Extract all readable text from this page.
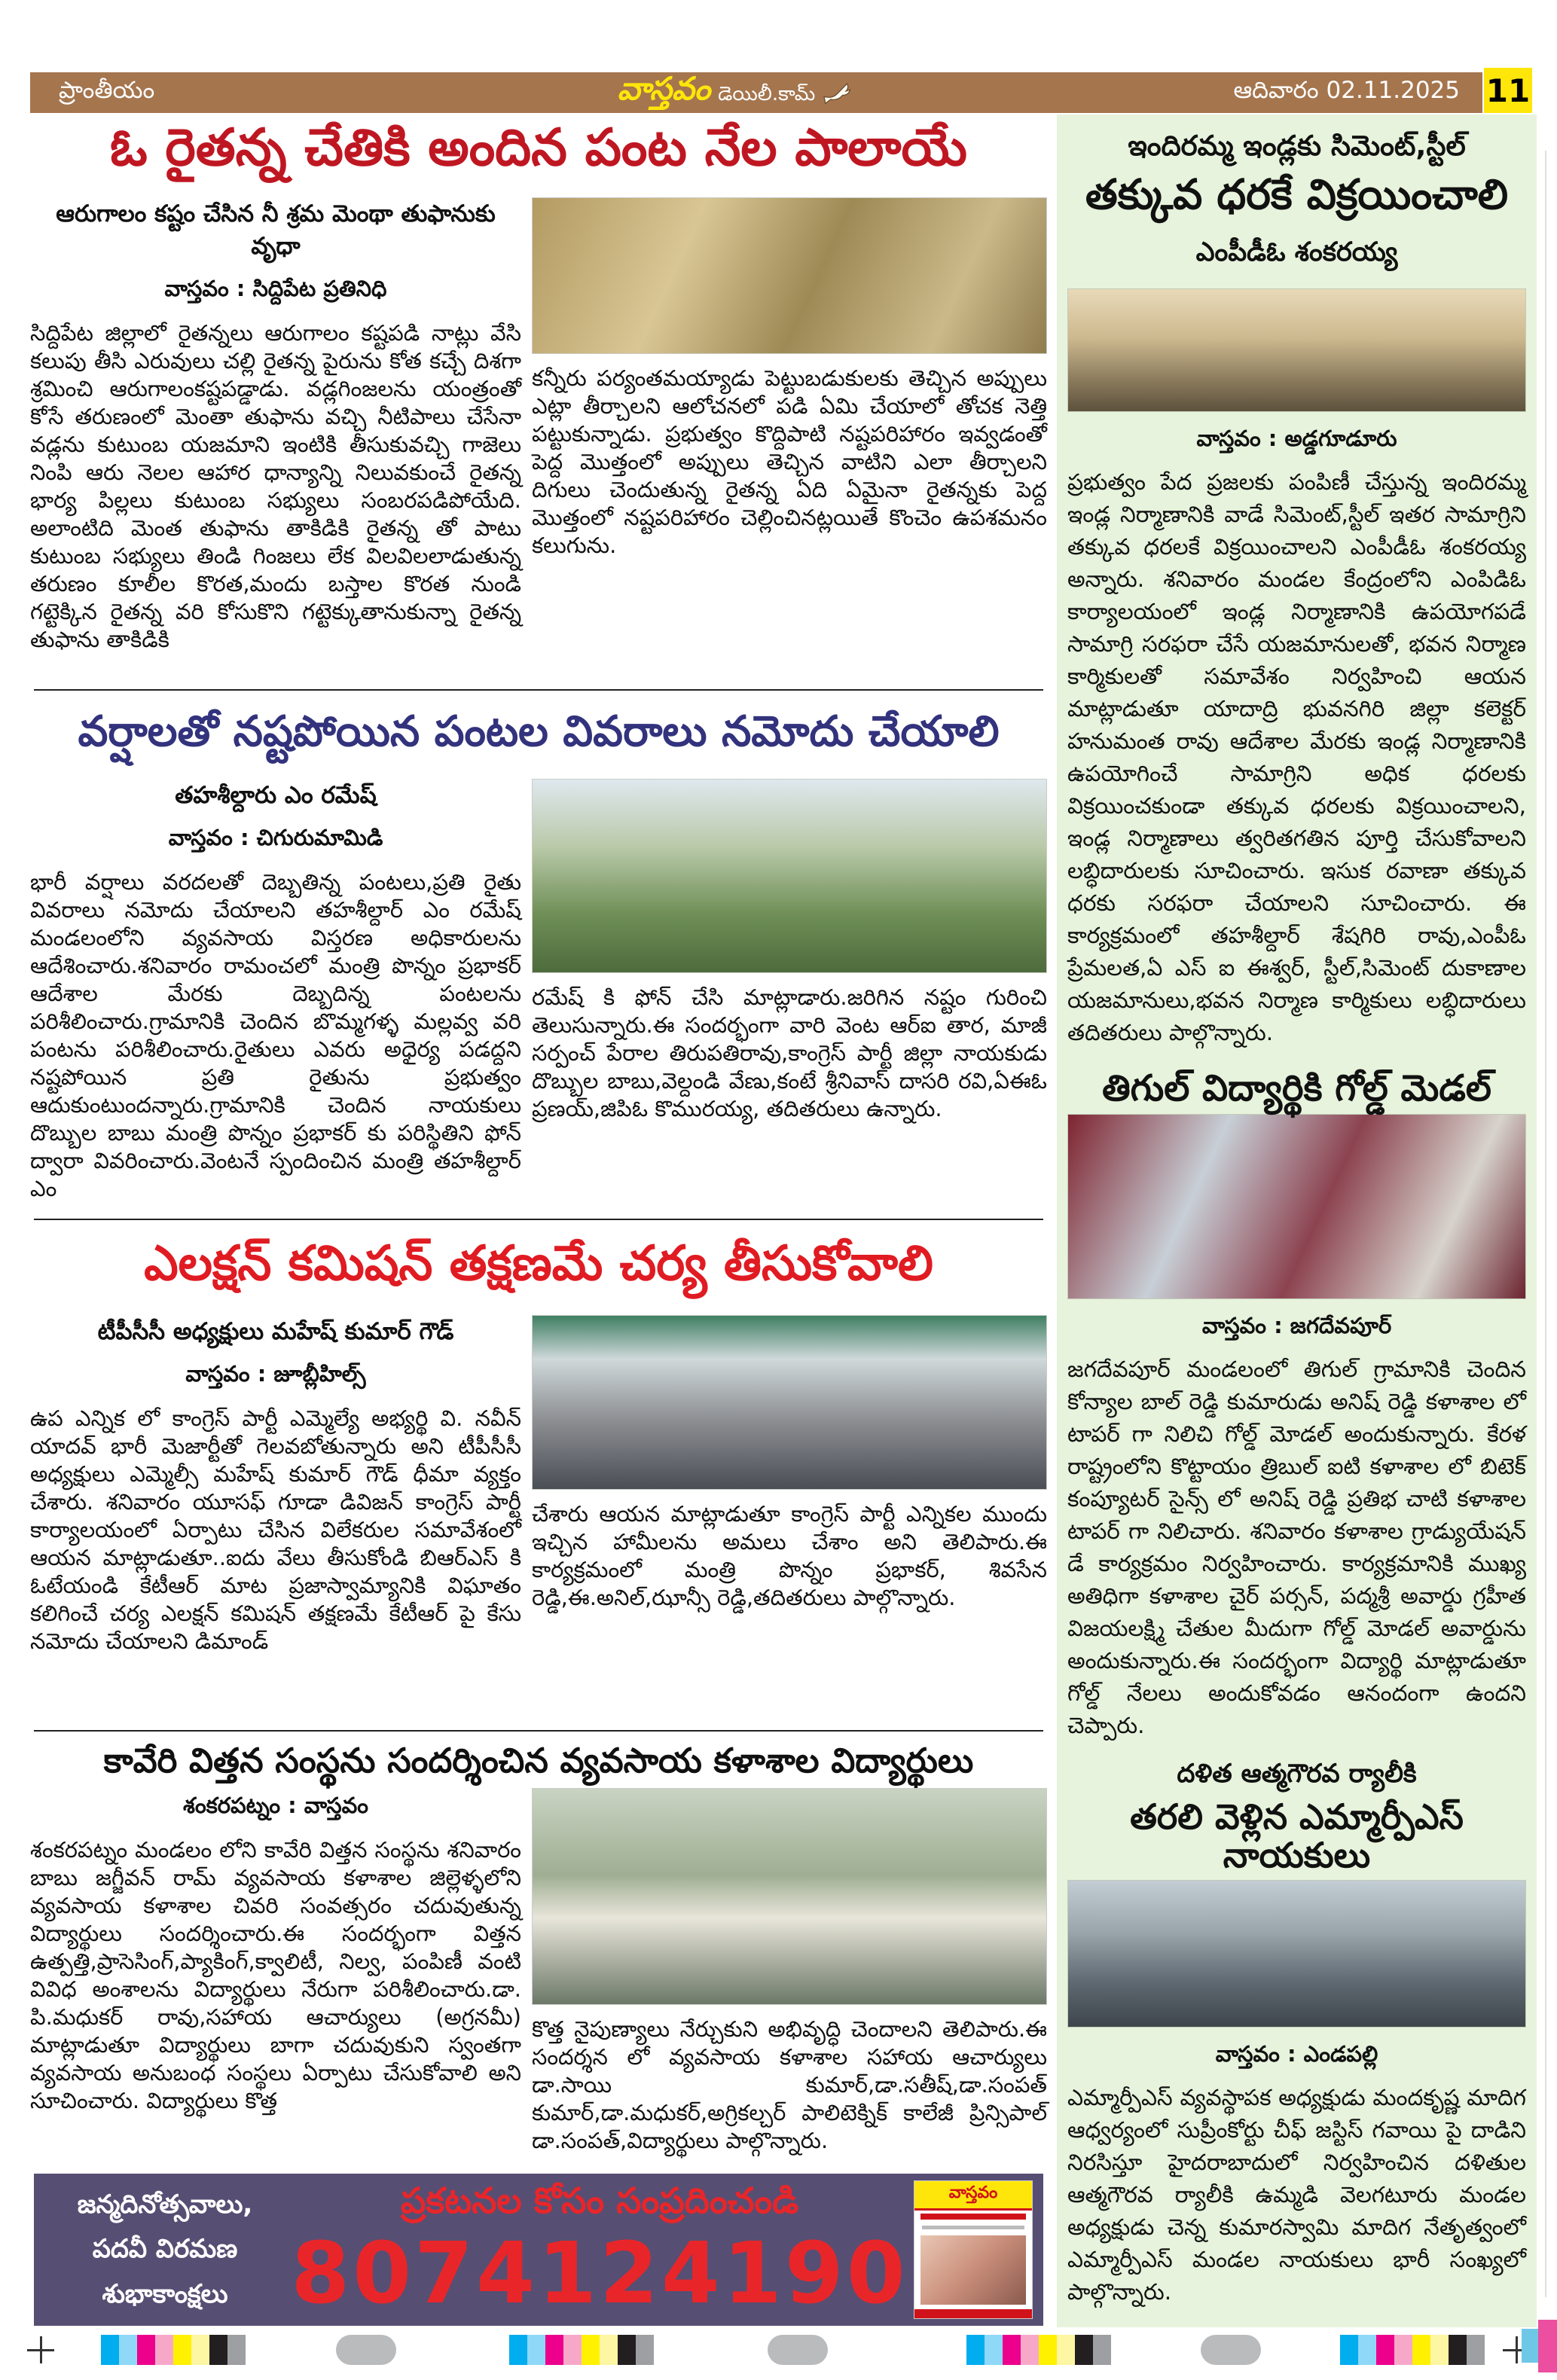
ప్రాంతీయం	వాస్తవం డెయిలీ.కామ్	ఆదివారం 02.11.2025 11
ఓ రైతన్న చేతికి అందిన పంట నేల పాలాయే
ఆరుగాలం కష్టం చేసిన నీ శ్రమ మెంథా తుఫానుకు వృధా
వాస్తవం : సిద్దిపేట ప్రతినిధి
సిద్దిపేట జిల్లాలో రైతన్నలు ఆరుగాలం కష్టపడి నాట్లు వేసి కలుపు తీసి ఎరువులు చల్లి రైతన్న పైరును కోత కచ్చే దిశగా శ్రమించి ఆరుగాలంకష్టపడ్డాడు. వడ్లగింజలను యంత్రంతో కోసే తరుణంలో మెంతా తుఫాను వచ్చి నీటిపాలు చేసేనా వడ్లను కుటుంబ యజమాని ఇంటికి తీసుకువచ్చి గాజెలు నింపి ఆరు నెలల ఆహార ధాన్యాన్ని నిలువకుంచే రైతన్న భార్య పిల్లలు కుటుంబ సభ్యులు సంబరపడిపోయేది. అలాంటిది మెంత తుఫాను తాకిడికి రైతన్న తో పాటు కుటుంబ సభ్యులు తిండి గింజలు లేక విలవిలలాడుతున్న తరుణం కూలీల కొరత,మందు బస్తాల కొరత నుండి గట్టెక్కిన రైతన్న వరి కోసుకొని గట్టెక్కుతానుకున్నా రైతన్న తుఫాను తాకిడికి
కన్నీరు పర్యంతమయ్యాడు పెట్టుబడుకులకు తెచ్చిన అప్పులు ఎట్లా తీర్చాలని ఆలోచనలో పడి ఏమి చేయాలో తోచక నెత్తి పట్టుకున్నాడు. ప్రభుత్వం కొద్దిపాటి నష్టపరిహారం ఇవ్వడంతో పెద్ద మొత్తంలో అప్పులు తెచ్చిన వాటిని ఎలా తీర్చాలని దిగులు చెందుతున్న రైతన్న ఏది ఏమైనా రైతన్నకు పెద్ద మొత్తంలో నష్టపరిహారం చెల్లించినట్లయితే కొంచెం ఉపశమనం కలుగును.
వర్షాలతో నష్టపోయిన పంటల వివరాలు నమోదు చేయాలి
తహశీల్దారు ఎం రమేష్
వాస్తవం : చిగురుమామిడి
భారీ వర్షాలు వరదలతో దెబ్బతిన్న పంటలు,ప్రతి రైతు వివరాలు నమోదు చేయాలని తహశీల్దార్ ఎం రమేష్ మండలంలోని వ్యవసాయ విస్తరణ అధికారులను ఆదేశించారు.శనివారం రామంచలో మంత్రి పొన్నం ప్రభాకర్ ఆదేశాల మేరకు దెబ్బదిన్న పంటలను పరిశీలించారు.గ్రామానికి చెందిన బొమ్మగళ్ళ మల్లవ్వ వరి పంటను పరిశీలించారు.రైతులు ఎవరు అధైర్య పడద్దని నష్టపోయిన ప్రతి రైతును ప్రభుత్వం ఆదుకుంటుందన్నారు.గ్రామానికి చెందిన నాయకులు దొబ్బుల బాబు మంత్రి పొన్నం ప్రభాకర్ కు పరిస్థితిని ఫోన్ ద్వారా వివరించారు.వెంటనే స్పందించిన మంత్రి తహశీల్దార్ ఎం
రమేష్ కి ఫోన్ చేసి మాట్లాడారు.జరిగిన నష్టం గురించి తెలుసున్నారు.ఈ సందర్భంగా వారి వెంట ఆర్ఐ తార, మాజీ సర్పంచ్ పేరాల తిరుపతిరావు,కాంగ్రెస్ పార్టీ జిల్లా నాయకుడు దొబ్బుల బాబు,వెల్దండి వేణు,కంటే శ్రీనివాస్ దాసరి రవి,ఏఈఓ ప్రణయ్,జిపిఓ కొమురయ్య, తదితరులు ఉన్నారు.
ఎలక్షన్ కమిషన్ తక్షణమే చర్య తీసుకోవాలి
టీపీసీసీ అధ్యక్షులు మహేష్ కుమార్ గౌడ్
వాస్తవం : జూబ్లీహిల్స్
ఉప ఎన్నిక లో కాంగ్రెస్ పార్టీ ఎమ్మెల్యే అభ్యర్థి వి. నవీన్ యాదవ్ భారీ మెజార్టీతో గెలవబోతున్నారు అని టీపీసీసీ అధ్యక్షులు ఎమ్మెల్సీ మహేష్ కుమార్ గౌడ్ ధీమా వ్యక్తం చేశారు. శనివారం యూసఫ్ గూడా డివిజన్ కాంగ్రెస్ పార్టీ కార్యాలయంలో ఏర్పాటు చేసిన విలేకరుల సమావేశంలో ఆయన మాట్లాడుతూ..ఐదు వేలు తీసుకోండి బిఆర్ఎస్ కి ఓటేయండి కేటీఆర్ మాట ప్రజాస్వామ్యానికి విఘాతం కలిగించే చర్య ఎలక్షన్ కమిషన్ తక్షణమే కేటీఆర్ పై కేసు నమోదు చేయాలని డిమాండ్
చేశారు ఆయన మాట్లాడుతూ కాంగ్రెస్ పార్టీ ఎన్నికల ముందు ఇచ్చిన హామీలను అమలు చేశాం అని తెలిపారు.ఈ కార్యక్రమంలో మంత్రి పొన్నం ప్రభాకర్, శివసేన రెడ్డి,ఈ.అనిల్,ఝాన్సీ రెడ్డి,తదితరులు పాల్గొన్నారు.
కావేరి విత్తన సంస్థను సందర్శించిన వ్యవసాయ కళాశాల విద్యార్థులు
శంకరపట్నం : వాస్తవం
శంకరపట్నం మండలం లోని కావేరి విత్తన సంస్థను శనివారం బాబు జగ్జీవన్ రామ్ వ్యవసాయ కళాశాల జిల్లెళ్ళలోని వ్యవసాయ కళాశాల చివరి సంవత్సరం చదువుతున్న విద్యార్థులు సందర్శించారు.ఈ సందర్భంగా విత్తన ఉత్పత్తి,ప్రాసెసింగ్,ప్యాకింగ్,క్వాలిటీ, నిల్వ, పంపిణీ వంటి వివిధ అంశాలను విద్యార్థులు నేరుగా పరిశీలించారు.డా. పి.మధుకర్ రావు,సహాయ ఆచార్యులు (అగ్రనమీ) మాట్లాడుతూ విద్యార్థులు బాగా చదువుకుని స్వంతగా వ్యవసాయ అనుబంధ సంస్థలు ఏర్పాటు చేసుకోవాలి అని సూచించారు. విద్యార్థులు కొత్త
కొత్త నైపుణ్యాలు నేర్చుకుని అభివృద్ధి చెందాలని తెలిపారు.ఈ సందర్శన లో వ్యవసాయ కళాశాల సహాయ ఆచార్యులు డా.సాయి కుమార్,డా.సతీష్,డా.సంపత్ కుమార్,డా.మధుకర్,అగ్రికల్చర్ పాలిటెక్నిక్ కాలేజీ ప్రిన్సిపాల్ డా.సంపత్,విద్యార్థులు పాల్గొన్నారు.
ఇందిరమ్మ ఇండ్లకు సిమెంట్,స్టీల్
తక్కువ ధరకే విక్రయించాలి
ఎంపీడీఓ శంకరయ్య
వాస్తవం : అడ్డగూడూరు
ప్రభుత్వం పేద ప్రజలకు పంపిణీ చేస్తున్న ఇందిరమ్మ ఇండ్ల నిర్మాణానికి వాడే సిమెంట్,స్టీల్ ఇతర సామాగ్రిని తక్కువ ధరలకే విక్రయించాలని ఎంపీడీఓ శంకరయ్య అన్నారు. శనివారం మండల కేంద్రంలోని ఎంపిడిఓ కార్యాలయంలో ఇండ్ల నిర్మాణానికి ఉపయోగపడే సామాగ్రి సరఫరా చేసే యజమానులతో, భవన నిర్మాణ కార్మికులతో సమావేశం నిర్వహించి ఆయన మాట్లాడుతూ యాదాద్రి భువనగిరి జిల్లా కలెక్టర్ హనుమంత రావు ఆదేశాల మేరకు ఇండ్ల నిర్మాణానికి ఉపయోగించే సామాగ్రిని అధిక ధరలకు విక్రయించకుండా తక్కువ ధరలకు విక్రయించాలని, ఇండ్ల నిర్మాణాలు త్వరితగతిన పూర్తి చేసుకోవాలని లబ్ధిదారులకు సూచించారు. ఇసుక రవాణా తక్కువ ధరకు సరఫరా చేయాలని సూచించారు. ఈ కార్యక్రమంలో తహశీల్దార్ శేషగిరి రావు,ఎంపీఓ ప్రేమలత,ఏ ఎస్ ఐ ఈశ్వర్, స్టీల్,సిమెంట్ దుకాణాల యజమానులు,భవన నిర్మాణ కార్మికులు లబ్ధిదారులు తదితరులు పాల్గొన్నారు.
తిగుల్ విద్యార్థికి గోల్డ్ మెడల్
వాస్తవం : జగదేవపూర్
జగదేవపూర్ మండలంలో తిగుల్ గ్రామానికి చెందిన కోన్యాల బాల్ రెడ్డి కుమారుడు అనిష్ రెడ్డి కళాశాల లో టాపర్ గా నిలిచి గోల్డ్ మోడల్ అందుకున్నారు. కేరళ రాష్ట్రంలోని కొట్టాయం త్రిబుల్ ఐటి కళాశాల లో బిటెక్ కంప్యూటర్ సైన్స్ లో అనిష్ రెడ్డి ప్రతిభ చాటి కళాశాల టాపర్ గా నిలిచారు. శనివారం కళాశాల గ్రాడ్యుయేషన్ డే కార్యక్రమం నిర్వహించారు. కార్యక్రమానికి ముఖ్య అతిధిగా కళాశాల చైర్ పర్సన్, పద్మశ్రీ అవార్డు గ్రహీత విజయలక్ష్మి చేతుల మీదుగా గోల్డ్ మోడల్ అవార్డును అందుకున్నారు.ఈ సందర్భంగా విద్యార్థి మాట్లాడుతూ గోల్డ్ నేలలు అందుకోవడం ఆనందంగా ఉందని చెప్పారు.
దళిత ఆత్మగౌరవ ర్యాలీకి
తరలి వెళ్లిన ఎమ్మార్పీఎస్ నాయకులు
వాస్తవం : ఎండపల్లి
ఎమ్మార్పీఎస్ వ్యవస్థాపక అధ్యక్షుడు మందకృష్ణ మాదిగ ఆధ్వర్యంలో సుప్రీంకోర్టు చీఫ్ జస్టిస్ గవాయి పై దాడిని నిరసిస్తూ హైదరాబాదులో నిర్వహించిన దళితుల ఆత్మగౌరవ ర్యాలీకి ఉమ్మడి వెలగటూరు మండల అధ్యక్షుడు చెన్న కుమారస్వామి మాదిగ నేతృత్వంలో ఎమ్మార్పీఎస్ మండల నాయకులు భారీ సంఖ్యలో పాల్గొన్నారు.
జన్మదినోత్సవాలు,
పదవీ విరమణ
శుభాకాంక్షలు
ప్రకటనల కోసం సంప్రదించండి
8074124190
వాస్తవం
